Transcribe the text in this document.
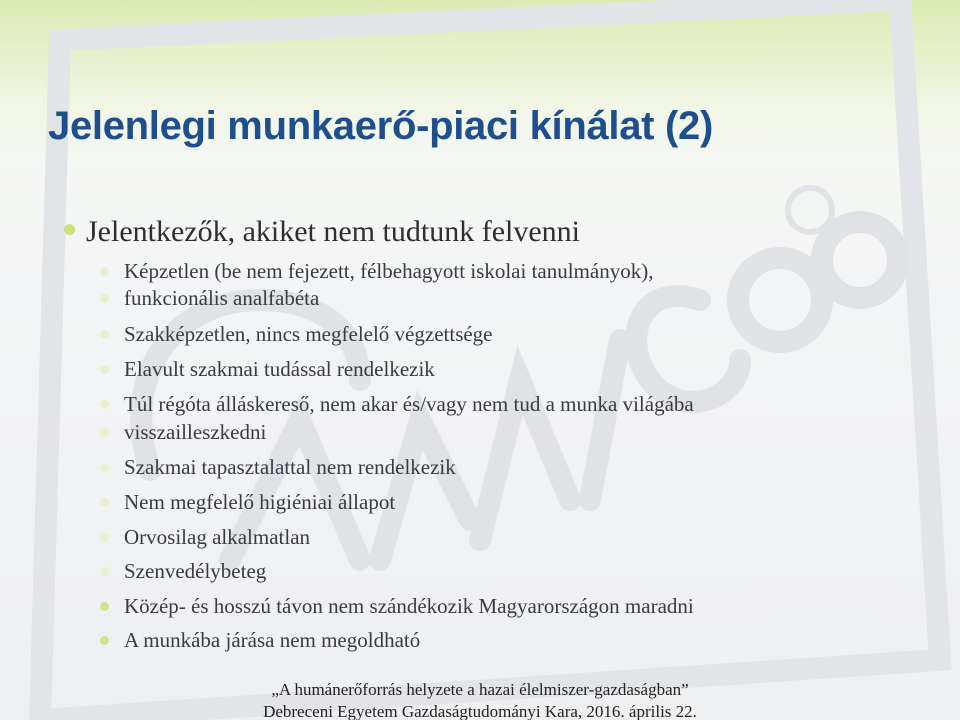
Jelenlegi munkaerő-piaci kínálat (2)
Jelentkezők, akiket nem tudtunk felvenni
Képzetlen (be nem fejezett, félbehagyott iskolai tanulmányok),
funkcionális analfabéta
Szakképzetlen, nincs megfelelő végzettsége
Elavult szakmai tudással rendelkezik
Túl régóta álláskereső, nem akar és/vagy nem tud a munka világába
visszailleszkedni
Szakmai tapasztalattal nem rendelkezik
Nem megfelelő higiéniai állapot
Orvosilag alkalmatlan
Szenvedélybeteg
Közép- és hosszú távon nem szándékozik Magyarországon maradni
A munkába járása nem megoldható
„A humánerőforrás helyzete a hazai élelmiszer-gazdaságban”
Debreceni Egyetem Gazdaságtudományi Kara, 2016. április 22.
